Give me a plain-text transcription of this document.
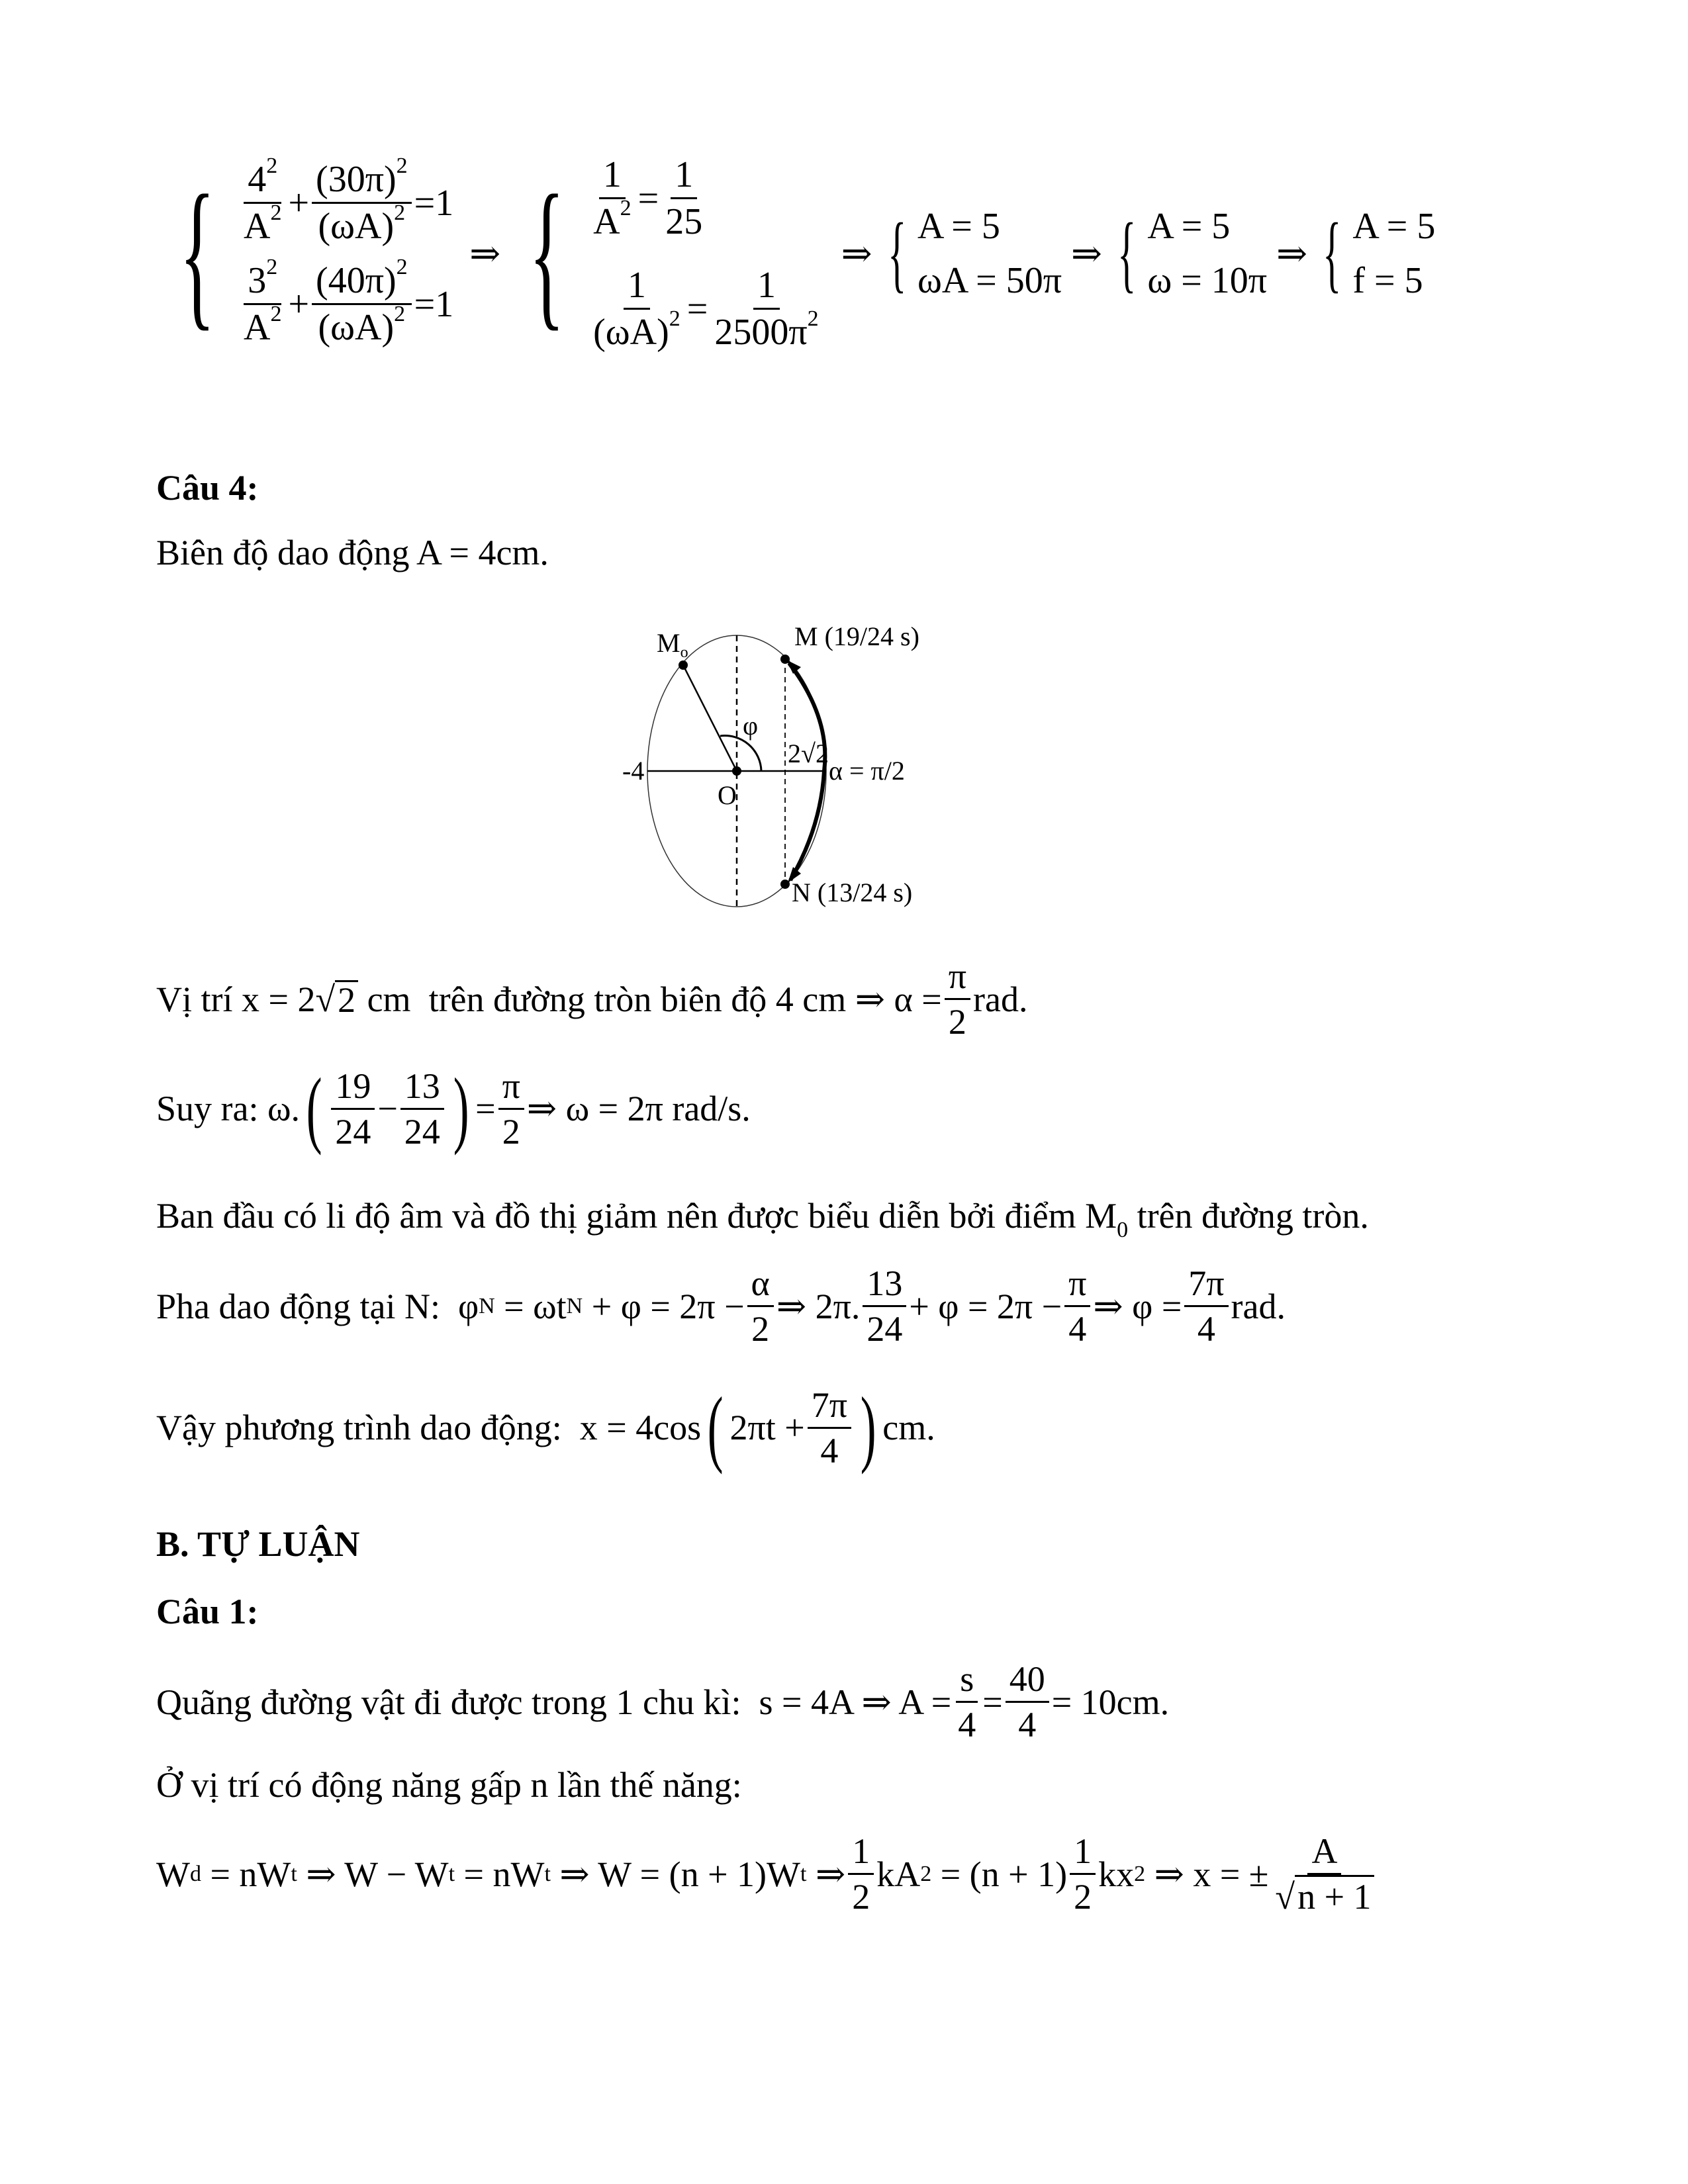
{ $\frac{4^2}{A^2} + \frac{(30\pi)^2}{(\omega A)^2} =1$
$\frac{3^2}{A^2} + \frac{(40\pi)^2}{(\omega A)^2} =1$
⇒ { $\frac{1}{A^2} = \frac{1}{25}$
$\frac{1}{(\omega A)^2} = \frac{1}{2500\pi^2}$
⇒ { A = 5
ωA = 50π
⇒ { A = 5
ω = 10π
⇒ { A = 5
f = 5
Câu 4:
Biên độ dao động A = 4cm.
$M_o$
M (19/24 s)
N (13/24 s)
-4
O
φ
2√2
α = π/2
Vị trí x = 2 √ 2 cm  trên đường tròn biên độ 4 cm ⇒ $\alpha = \frac{\pi}{2}$ rad.
Suy ra: ω. ( $\frac{19}{24} - \frac{13}{24}$ ) = $\frac{\pi}{2}$ ⇒ ω = 2π rad/s.
Ban đầu có li độ âm và đồ thị giảm nên được biểu diễn bởi điểm $M_0$ trên đường tròn.
Pha dao động tại N:  φ N = ωt $N + \varphi = 2\pi - \frac{\alpha}{2}$ ⇒ 2π. $\frac{13}{24} + \varphi = 2\pi - \frac{\pi}{4}$ ⇒ $\varphi = \frac{7\pi}{4}$ rad.
Vậy phương trình dao động:  x = 4cos ( $2\pi t + \frac{7\pi}{4}$ ) cm.
B. TỰ LUẬN
Câu 1:
Quãng đường vật đi được trong 1 chu kì:  s = 4A ⇒ $A = \frac{s}{4} = \frac{40}{4} = 10cm$.
Ở vị trí có động năng gấp n lần thế năng:
W d = nW t ⇒ W − W t = nW t ⇒ W = (n + 1)W t ⇒ $\frac{1}{2}$ kA $2 = (n + 1) \frac{1}{2}$ kx 2 ⇒ x = ± $\frac{A}{√n + 1}$
